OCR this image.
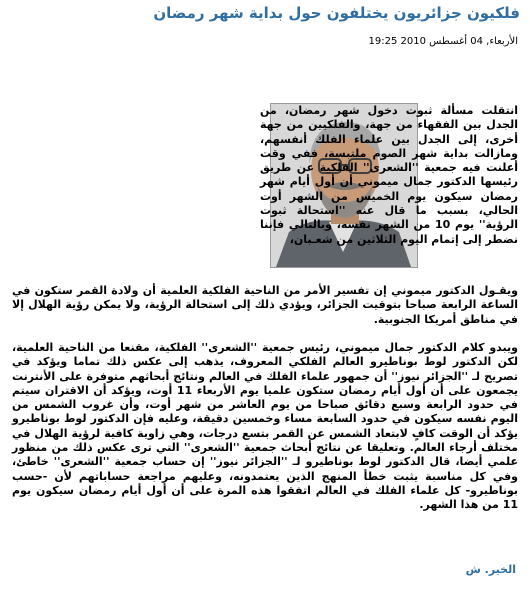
فلكيون جزائريون يختلفون حول بداية شهر رمضان
الأربعاء, 04 أغسطس 2010 19:25
انتقلت مسألة ثبوت دخول شهر رمضان، من الجدل بين الفقهاء من جهة، والفلكيين من جهة أخرى، إلى الجدل بين علماء الفلك أنفسهم، ومازالت بداية شهر الصوم ملتبسة، ففي وقت أعلنت فيه جمعية ''الشعرى'' الفلكية عن طريق رئيسها الدكتور جمال ميموني أن أول أيام شهر رمضان سيكون يوم الخميس من الشهر أوت الحالي، بسبب ما قال عنه ''استحالة ثبوت الرؤية'' يوم 10 من الشهر نفسه، وبالتالي فإننا نضطر إلى إتمام اليوم الثلاثين من شعـبان،
ويقـول الدكتور ميموني إن تفسير الأمر من الناحية الفلكية العلمية أن ولادة القمر ستكون في الساعة الرابعة صباحا بتوقيت الجزائر، ويؤدي ذلك إلى استحالة الرؤية، ولا يمكن رؤية الهلال إلا في مناطق أمريكا الجنوبية.
ويبدو كلام الدكتور جمال ميموني، رئيس جمعية ''الشعرى'' الفلكية، مقنعا من الناحية العلمية، لكن الدكتور لوط بوناطيرو العالم الفلكي المعروف، يذهب إلى عكس ذلك تماما ويؤكد في تصريح لـ ''الجزائر نيوز'' أن جمهور علماء الفلك في العالم ونتائج أبحاثهم متوفرة على الأنترنت يجمعون على أن أول أيام رمضان ستكون علميا يوم الأربعاء 11 أوت، ويؤكد أن الاقتران سيتم في حدود الرابعة وسبع دقائق صباحا من يوم العاشر من شهر أوت، وأن غروب الشمس من اليوم نفسه سيكون في حدود السابعة مساء وخمسين دقيقة، وعليه فإن الدكتور لوط بوناطيرو يؤكد أن الوقت كافٍ لابتعاد الشمس عن القمر بتسع درجات، وهي زاوية كافية لرؤية الهلال في مختلف أرجاء العالم. وتعليقا عن نتائج أبحاث جمعية ''الشعرى'' التي ترى عكس ذلك من منظور علمي أيضا، قال الدكتور لوط بوناطيرو لـ ''الجزائر نيوز'' إن حساب جمعية ''الشعرى'' خاطئ، وفي كل مناسبة يثبت خطأ المنهج الذين يعتمدونه، وعليهم مراجعة حساباتهم لأن -حسب بوناطيرو- كل علماء الفلك في العالم اتفقوا هذه المرة على أن أول أيام رمضان سيكون يوم 11 من هذا الشهر.
الخير. ش
